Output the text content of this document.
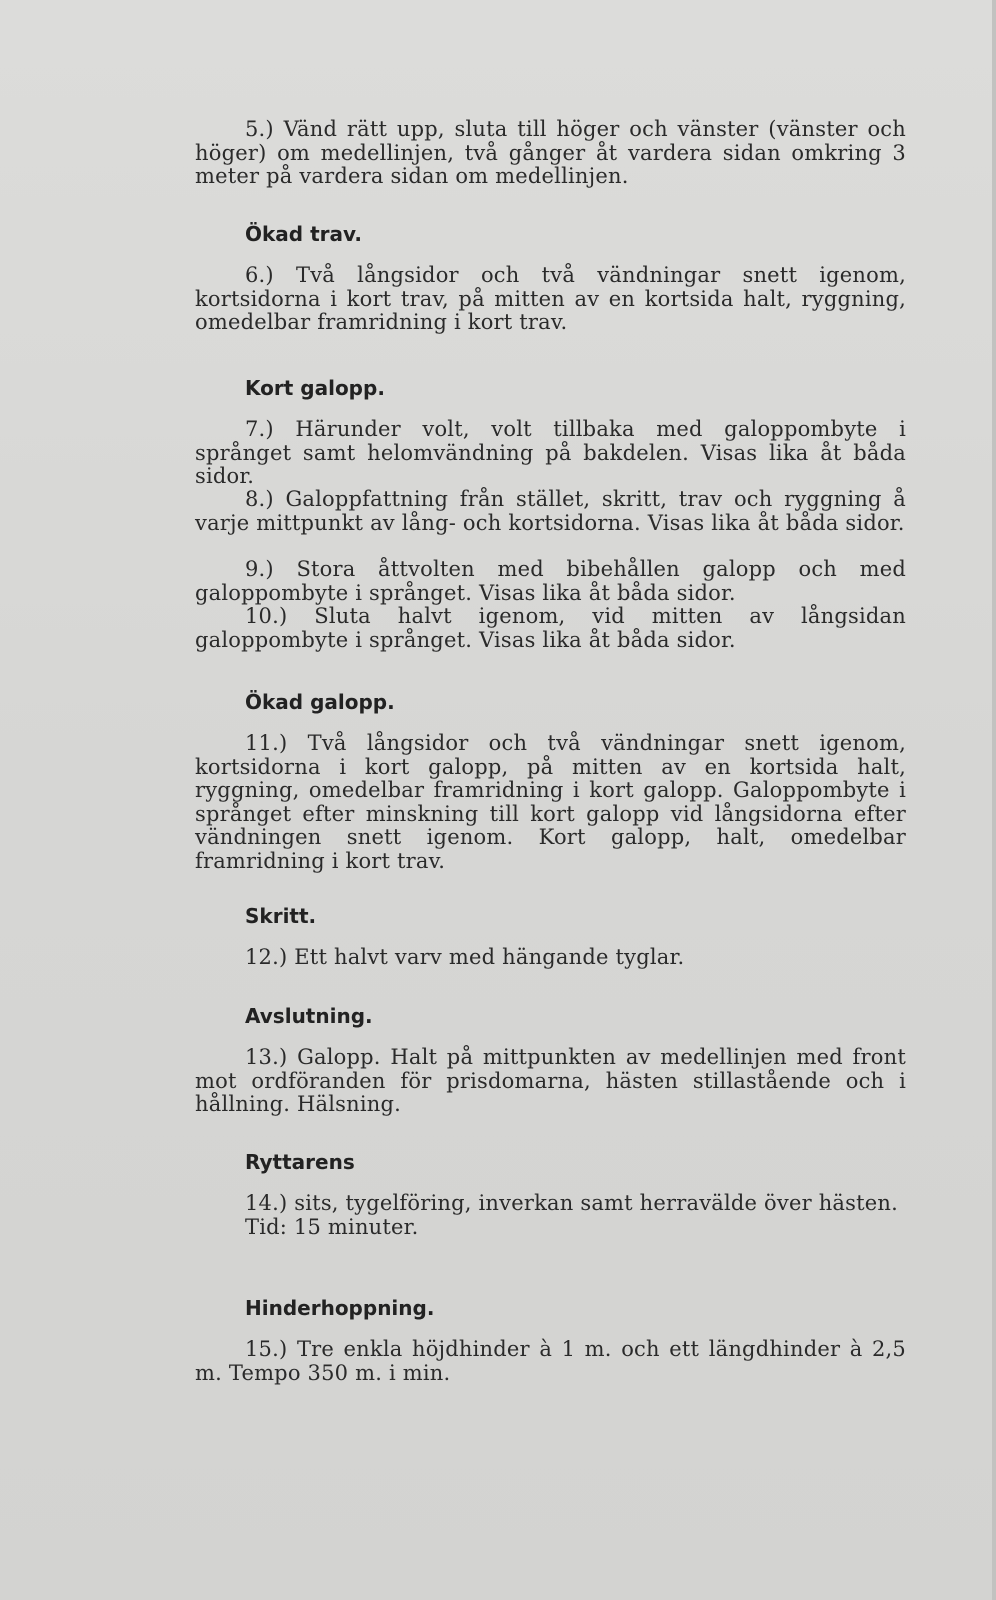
5.) Vänd rätt upp, sluta till höger och vänster (vänster och höger) om medellinjen, två gånger åt vardera sidan omkring 3 meter på vardera sidan om medellinjen.

Ökad trav.

6.) Två långsidor och två vändningar snett igenom, kortsidorna i kort trav, på mitten av en kortsida halt, ryggning, omedelbar framridning i kort trav.

Kort galopp.

7.) Härunder volt, volt tillbaka med galoppombyte i språnget samt helomvändning på bakdelen. Visas lika åt båda sidor.

8.) Galoppfattning från stället, skritt, trav och ryggning å varje mittpunkt av lång- och kortsidorna. Visas lika åt båda sidor.

9.) Stora åttvolten med bibehållen galopp och med galoppombyte i språnget. Visas lika åt båda sidor.

10.) Sluta halvt igenom, vid mitten av långsidan galoppombyte i språnget. Visas lika åt båda sidor.

Ökad galopp.

11.) Två långsidor och två vändningar snett igenom, kortsidorna i kort galopp, på mitten av en kortsida halt, ryggning, omedelbar framridning i kort galopp. Galoppombyte i språnget efter minskning till kort galopp vid långsidorna efter vändningen snett igenom. Kort galopp, halt, omedelbar framridning i kort trav.

Skritt.

12.) Ett halvt varv med hängande tyglar.

Avslutning.

13.) Galopp. Halt på mittpunkten av medellinjen med front mot ordföranden för prisdomarna, hästen stillastående och i hållning. Hälsning.

Ryttarens

14.) sits, tygelföring, inverkan samt herravälde över hästen.

Tid: 15 minuter.

Hinderhoppning.

15.) Tre enkla höjdhinder à 1 m. och ett längdhinder à 2,5 m. Tempo 350 m. i min.
